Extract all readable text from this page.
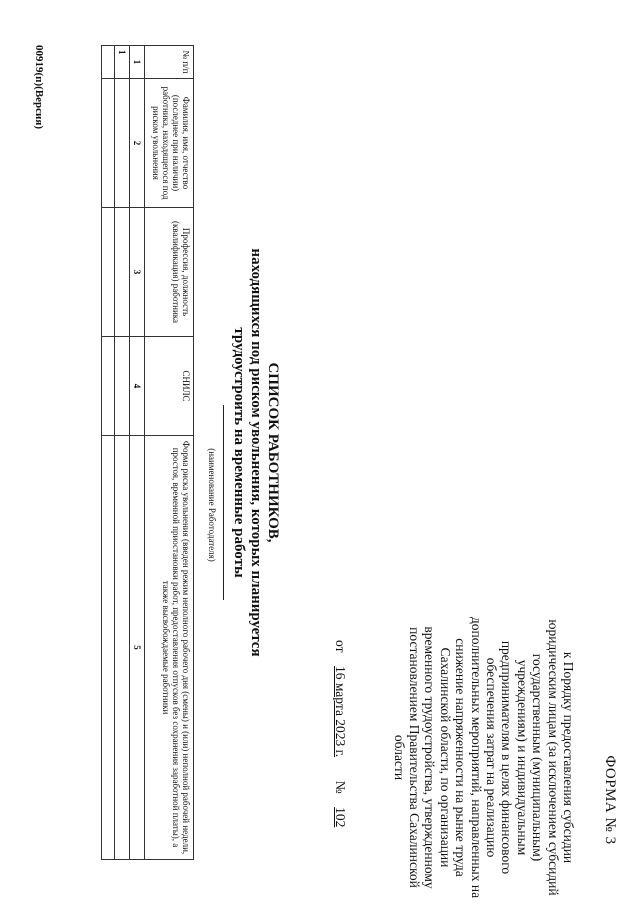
ФОРМА № 3
к Порядку предоставления субсидии юридическим лицам (за исключением субсидий государственным (муниципальным) учреждениям) и индивидуальным предпринимателям в целях финансового обеспечения затрат на реализацию дополнительных мероприятий, направленных на снижение напряженности на рынке труда Сахалинской области, по организации временного трудоустройства, утвержденному постановлением Правительства Сахалинской области
от    16 марта 2023 г.       №    102
СПИСОК РАБОТНИКОВ,
находящихся под риском увольнения, которых планируется трудоустроить на временные работы
(наименование Работодателя)
№ п/п	Фамилия, имя, отчество (последнее при наличии) работника, находящегося под риском увольнения	Профессия, должность (квалификация) работника	СНИЛС	Форма риска увольнения (введен режим неполного рабочего дня (смены) и (или) неполной рабочей недели, простоя, временной приостановки работ, предоставления отпусков без сохранения заработной платы), а также высвобождаемые работники
1	2	3	4	5
1				

00919(п)(Версия)
